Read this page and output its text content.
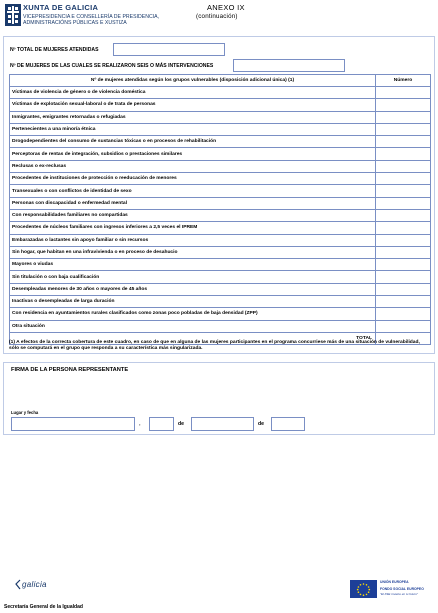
XUNTA DE GALICIA
VICEPRESIDENCIA E CONSELLERÍA DE PRESIDENCIA,
ADMINISTRACIÓNS PÚBLICAS E XUSTIZA
ANEXO IX
(continuación)
Nº TOTAL DE MUJERES ATENDIDAS
Nº DE MUJERES DE LAS CUALES SE REALIZARON SEIS O MÁS INTERVENCIONES
Nº de mujeres atendidas según los grupos vulnerables (disposición adicional única) (1)	Número
Víctimas de violencia de género o de violencia doméstica	
Víctimas de explotación sexual-laboral o de trata de personas	
Inmigrantes, emigrantes retornadas o refugiadas	
Pertenecientes a una minoría étnica	
Drogodependientes del consumo de sustancias tóxicas o en procesos de rehabilitación	
Perceptoras de rentas de integración, subsidios o prestaciones similares	
Reclusas o ex-reclusas	
Procedentes de instituciones de protección o reeducación de menores	
Transexuales o con conflictos de identidad de sexo	
Personas con discapacidad o enfermedad mental	
Con responsabilidades familiares no compartidas	
Procedentes de núcleos familiares con ingresos inferiores a 2,5 veces el IPREM	
Embarazadas o lactantes sin apoyo familiar o sin recursos	
Sin hogar, que habitan en una infravivienda o en proceso de desahucio	
Mayores o viudas	
Sin titulación o con baja cualificación	
Desempleadas menores de 30 años o mayores de 45 años	
Inactivas o desempleadas de larga duración	
Con residencia en ayuntamientos rurales clasificados como zonas poco pobladas de baja densidad (ZPP)	
Otra situación	
TOTAL	
(1) A efectos de la correcta cobertura de este cuadro, en caso de que en alguna de las mujeres participantes en el programa concurriese más de una situación de vulnerabilidad, sólo se computará en el grupo que responda a su característica más singularizada.
FIRMA DE LA PERSONA REPRESENTANTE
Lugar y fecha
,	de	de
galicia	UNIÓN EUROPEA
FONDO SOCIAL EUROPEO
"El FSE invierte en tu futuro"
Secretaría General de la Igualdad
